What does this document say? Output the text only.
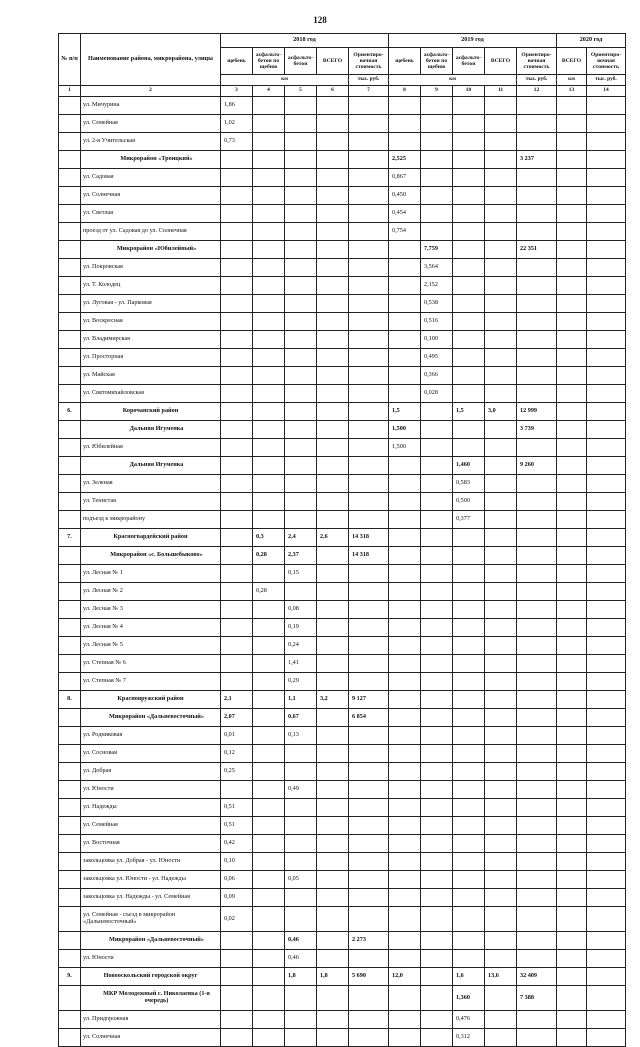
128
№ п/п	Наименование района, микрорайона, улицы	2018 год					2019 год					2020 год	
		щебень	асфальто-бетон по щебню	асфальто-бетон	ВСЕГО	Ориентиро-вочная стоимость	щебень	асфальто-бетон по щебню	асфальто-бетон	ВСЕГО	Ориентиро-вочная стоимость	ВСЕГО	Ориентиро-вочная стоимость
		км				тыс. руб.	км				тыс. руб.	км	тыс. руб.
1	2	3	4	5	6	7	8	9	10	11	12	13	14
	ул. Мичурина	1,86											
	ул. Семейная	1,02											
	ул. 2-я Учительская	0,73											
	Микрорайон «Троицкий»						2,525				3 237		
	ул. Садовая						0,867						
	ул. Солнечная						0,450						
	ул. Светлая						0,454						
	проезд от ул. Садовая до ул. Солнечная						0,754						
	Микрорайон «Юбилейный»							7,759			22 351		
	ул. Покровская							3,564					
	ул. Т. Колодец							2,152					
	ул. Луговая - ул. Парковая							0,538					
	ул. Воскресная							0,516					
	ул. Владимирская							0,100					
	ул. Просторная							0,495					
	ул. Майская							0,366					
	ул. Святомихайловская							0,028					
6.	Корочанский район						1,5		1,5	3,0	12 999		
	Дальняя Игуменка						1,500				3 739		
	ул. Юбилейная						1,500						
	Дальняя Игуменка								1,460		9 260		
	ул. Зеленая								0,583				
	ул. Тенистая								0,500				
	подъезд к микрорайону								0,377				
7.	Красногвардейский район		0,3	2,4	2,6	14 318							
	Микрорайон «с. Большебыково»		0,28	2,37		14 318							
	ул. Лесная № 1			0,15									
	ул. Лесная № 2		0,28										
	ул. Лесная № 3			0,08									
	ул. Лесная № 4			0,19									
	ул. Лесная № 5			0,24									
	ул. Степная № 6			1,41									
	ул. Степная № 7			0,29									
8.	Краснояружский район	2,1		1,1	3,2	9 127							
	Микрорайон «Дальневосточный»	2,07		0,67		6 854							
	ул. Родниковая	0,01		0,13									
	ул. Сосновая	0,12											
	ул. Добрая	0,25											
	ул. Юности			0,49									
	ул. Надежды	0,51											
	ул. Семейная	0,51											
	ул. Восточная	0,42											
	закольцовка ул. Добрая - ул. Юности	0,10											
	закольцовка ул. Юности - ул. Надежды	0,06		0,05									
	закольцовка ул. Надежды - ул. Семейная	0,09											
	ул. Семейная - съезд в микрорайон «Дальневосточный»	0,02											
	Микрорайон «Дальневосточный»			0,46		2 273							
	ул. Юности			0,46									
9.	Новооскольский городской округ			1,8	1,8	5 690	12,0		1,6	13,6	32 409		
	МКР Молодежный с. Николаевка (1-я очередь)								1,360		7 388		
	ул. Придорожная								0,476				
	ул. Солнечная								0,312				
